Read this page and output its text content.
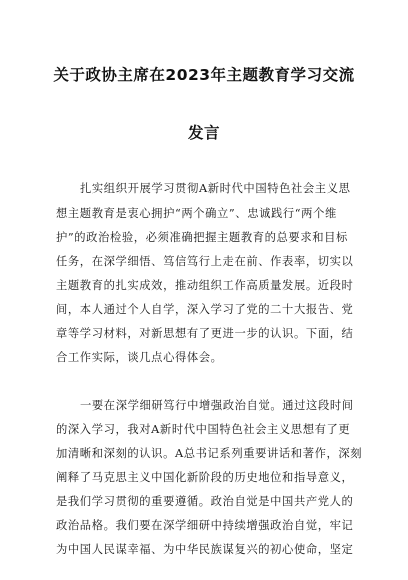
关于政协主席在2023年主题教育学习交流
发言
扎实组织开展学习贯彻A新时代中国特色社会主义思
想主题教育是衷心拥护“两个确立”、忠诚践行“两个维
护”的政治检验，必须准确把握主题教育的总要求和目标
任务，在深学细悟、笃信笃行上走在前、作表率，切实以
主题教育的扎实成效，推动组织工作高质量发展。近段时
间，本人通过个人自学，深入学习了党的二十大报告、党
章等学习材料，对新思想有了更进一步的认识。下面，结
合工作实际，谈几点心得体会。
一要在深学细研笃行中增强政治自觉。通过这段时间
的深入学习，我对A新时代中国特色社会主义思想有了更
加清晰和深刻的认识。A总书记系列重要讲话和著作，深刻
阐释了马克思主义中国化新阶段的历史地位和指导意义，
是我们学习贯彻的重要遵循。政治自觉是中国共产党人的
政治品格。我们要在深学细研中持续增强政治自觉，牢记
为中国人民谋幸福、为中华民族谋复兴的初心使命，坚定
